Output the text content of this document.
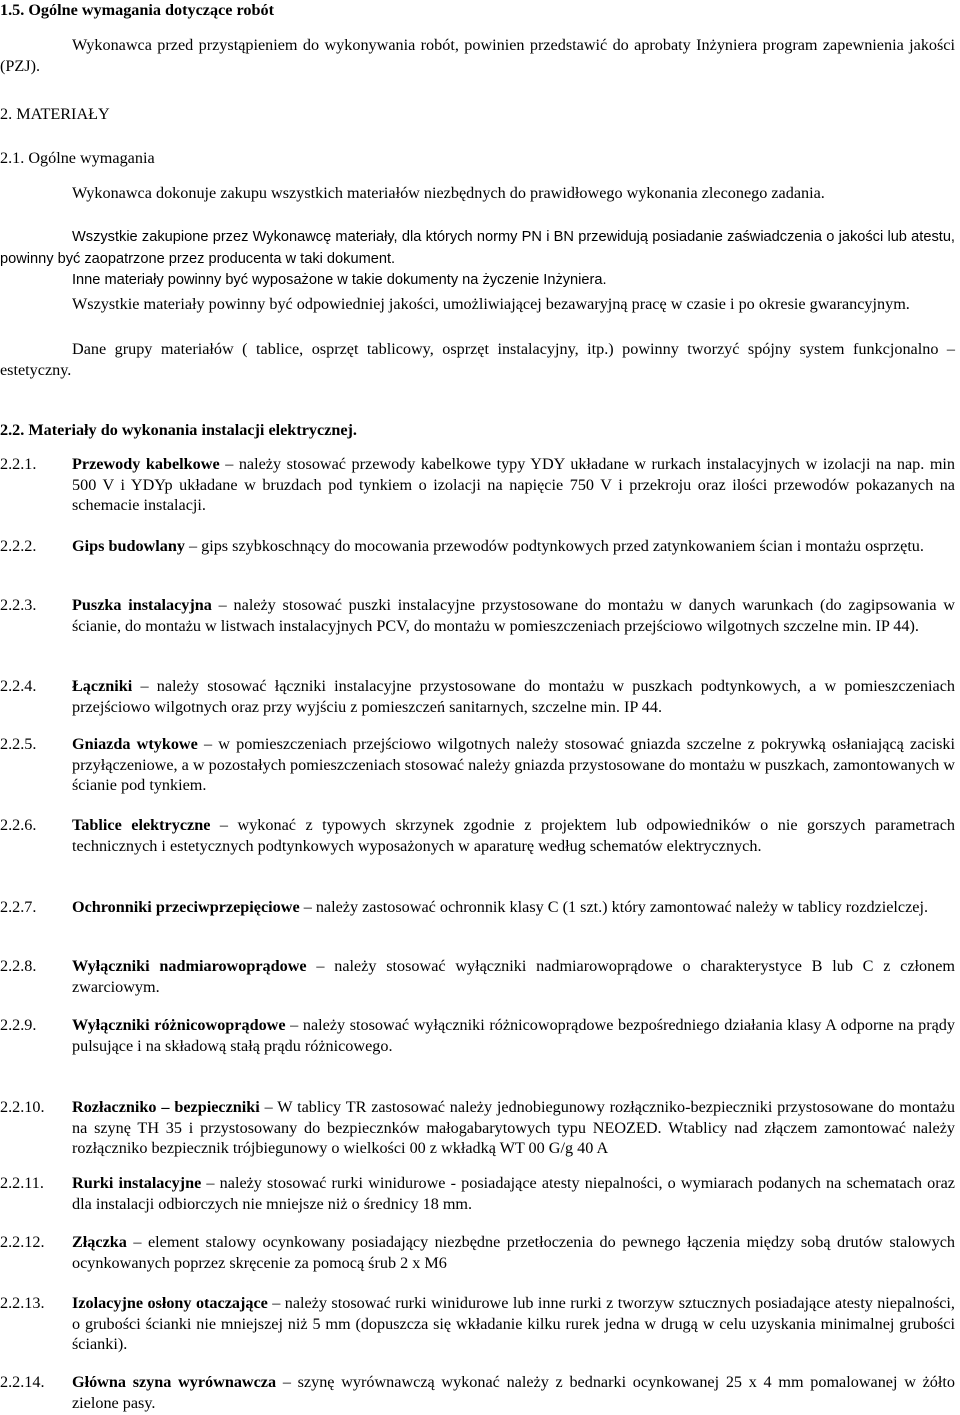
1.5. Ogólne wymagania dotyczące robót

Wykonawca przed przystąpieniem do wykonywania robót, powinien przedstawić do aprobaty Inżyniera program zapewnienia jakości (PZJ).

2. MATERIAŁY

2.1. Ogólne wymagania

Wykonawca dokonuje zakupu wszystkich materiałów niezbędnych do prawidłowego wykonania zleconego zadania.

Wszystkie zakupione przez Wykonawcę materiały, dla których normy PN i BN przewidują posiadanie zaświadczenia o jakości lub atestu, powinny być zaopatrzone przez producenta w taki dokument.

Inne materiały powinny być wyposażone w takie dokumenty na życzenie Inżyniera.

Wszystkie materiały powinny być odpowiedniej jakości, umożliwiającej bezawaryjną pracę w czasie i po okresie gwarancyjnym.

Dane grupy materiałów ( tablice, osprzęt tablicowy, osprzęt instalacyjny, itp.) powinny tworzyć spójny system funkcjonalno – estetyczny.

2.2. Materiały do wykonania instalacji elektrycznej.

2.2.1. Przewody kabelkowe – należy stosować przewody kabelkowe typy YDY układane w rurkach instalacyjnych w izolacji na nap. min 500 V i YDYp układane w bruzdach pod tynkiem o izolacji na napięcie 750 V i przekroju oraz ilości przewodów pokazanych na schemacie instalacji.

2.2.2. Gips budowlany – gips szybkoschnący do mocowania przewodów podtynkowych przed zatynkowaniem ścian i montażu osprzętu.

2.2.3. Puszka instalacyjna – należy stosować puszki instalacyjne przystosowane do montażu w danych warunkach (do zagipsowania w ścianie, do montażu w listwach instalacyjnych PCV, do montażu w pomieszczeniach przejściowo wilgotnych szczelne min. IP 44).

2.2.4. Łączniki – należy stosować łączniki instalacyjne przystosowane do montażu w puszkach podtynkowych, a w pomieszczeniach przejściowo wilgotnych oraz przy wyjściu z pomieszczeń sanitarnych, szczelne min. IP 44.

2.2.5. Gniazda wtykowe – w pomieszczeniach przejściowo wilgotnych należy stosować gniazda szczelne z pokrywką osłaniającą zaciski przyłączeniowe, a w pozostałych pomieszczeniach stosować należy gniazda przystosowane do montażu w puszkach, zamontowanych w ścianie pod tynkiem.

2.2.6. Tablice elektryczne – wykonać z typowych skrzynek zgodnie z projektem lub odpowiedników o nie gorszych parametrach technicznych i estetycznych podtynkowych wyposażonych w aparaturę według schematów elektrycznych.

2.2.7. Ochronniki przeciwprzepięciowe – należy zastosować ochronnik klasy C (1 szt.) który zamontować należy w tablicy rozdzielczej.

2.2.8. Wyłączniki nadmiarowoprądowe – należy stosować wyłączniki nadmiarowoprądowe o charakterystyce B lub C z członem zwarciowym.

2.2.9. Wyłączniki różnicowoprądowe – należy stosować wyłączniki różnicowoprądowe bezpośredniego działania klasy A odporne na prądy pulsujące i na składową stałą prądu różnicowego.

2.2.10. Rozłaczniko – bezpieczniki – W tablicy TR zastosować należy jednobiegunowy rozłączniko-bezpieczniki przystosowane do montażu na szynę TH 35 i przystosowany do bezpiecznków małogabarytowych typu NEOZED. Wtablicy nad złączem zamontować należy rozłączniko bezpiecznik trójbiegunowy o wielkości 00 z wkładką WT 00 G/g 40 A

2.2.11. Rurki instalacyjne – należy stosować rurki winidurowe - posiadające atesty niepalności, o wymiarach podanych na schematach oraz dla instalacji odbiorczych nie mniejsze niż o średnicy 18 mm.

2.2.12. Złączka – element stalowy ocynkowany posiadający niezbędne przetłoczenia do pewnego łączenia między sobą drutów stalowych ocynkowanych poprzez skręcenie za pomocą śrub 2 x M6

2.2.13. Izolacyjne osłony otaczające – należy stosować rurki winidurowe lub inne rurki z tworzyw sztucznych posiadające atesty niepalności, o grubości ścianki nie mniejszej niż 5 mm (dopuszcza się wkładanie kilku rurek jedna w drugą w celu uzyskania minimalnej grubości ścianki).

2.2.14. Główna szyna wyrównawcza – szynę wyrównawczą wykonać należy z bednarki ocynkowanej 25 x 4 mm pomalowanej w żółto zielone pasy.
